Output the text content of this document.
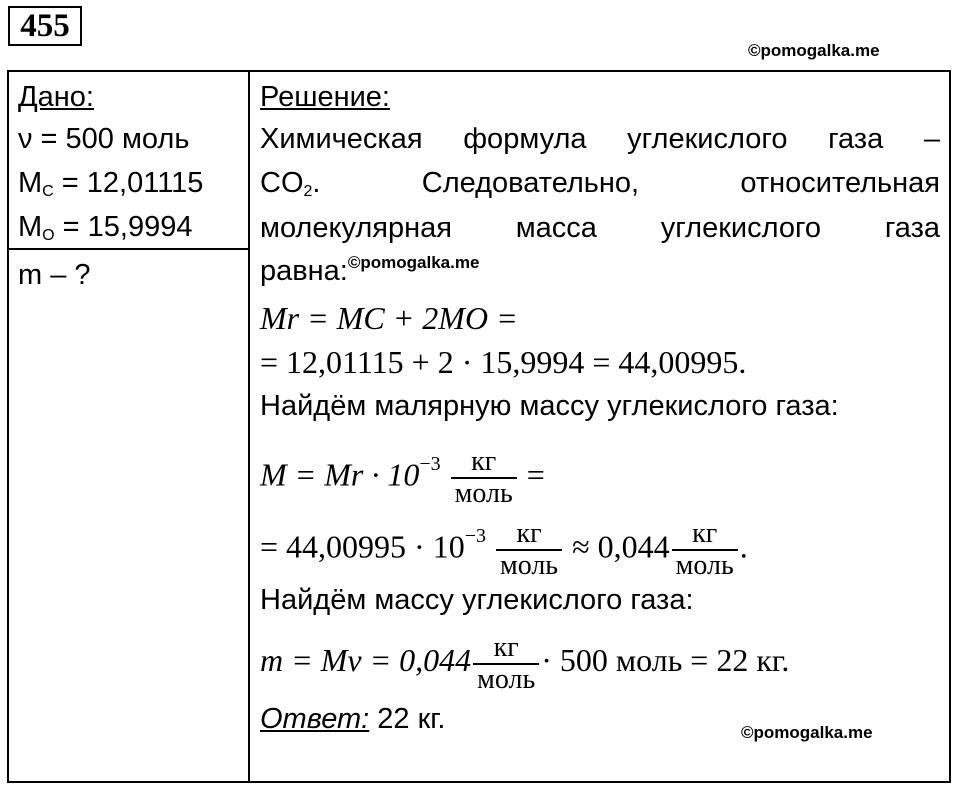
455
©pomogalka.me
Дано:
ν = 500 моль
$M_C = 12,01115$
$M_O = 15,9994$
m – ?
Решение:
Химическая формула углекислого газа –
$CO_2$. Следовательно, относительная
молекулярная масса углекислого газа
равна:$^{©pomogalka.me}$
Mr = MC + 2MO =
= 12,01115 + 2 · 15,9994 = 44,00995.
Найдём малярную массу углекислого газа:
$M = Mr \cdot 10^{-3} \frac{кг}{\text{моль}}$ =
= $44,00995 \cdot 10^{-3} \frac{кг}{\text{моль}} \approx 0,044 \frac{кг}{\text{моль}}$ .
Найдём массу углекислого газа:
$m = M\nu = 0,044 \frac{кг}{\text{моль}} \cdot 500$ моль = 22 кг.
Ответ: 22 кг.	©pomogalka.me
